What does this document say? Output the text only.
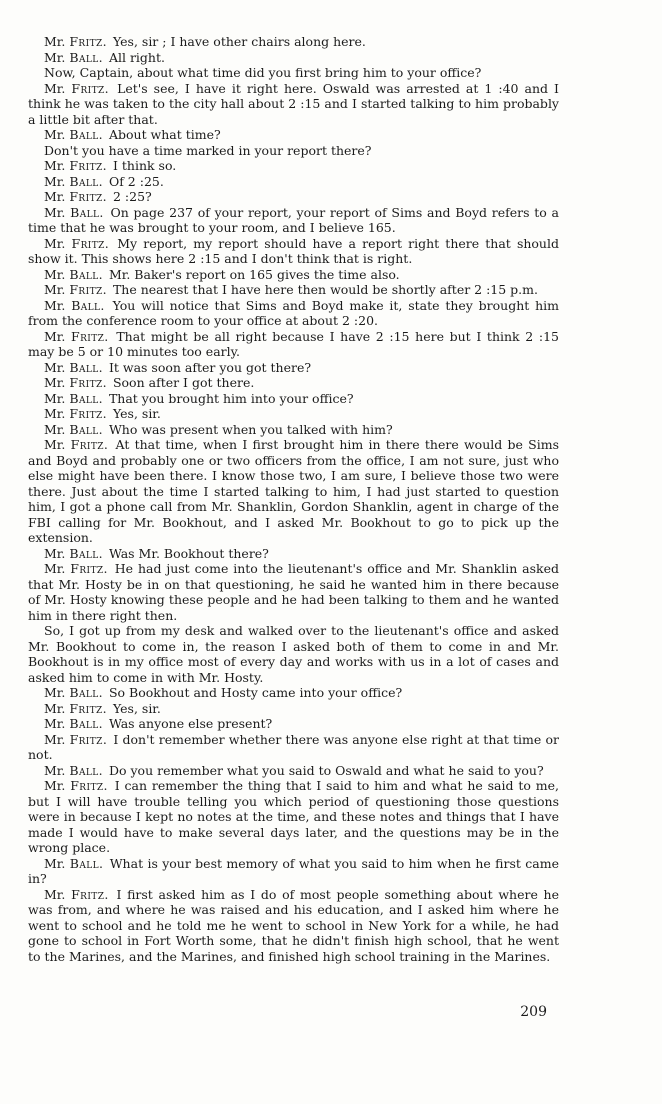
Mr. Fritz. Yes, sir ; I have other chairs along here.

Mr. Ball. All right.

Now, Captain, about what time did you first bring him to your office?

Mr. Fritz. Let's see, I have it right here. Oswald was arrested at 1 :40 and I think he was taken to the city hall about 2 :15 and I started talking to him probably a little bit after that.

Mr. Ball. About what time?

Don't you have a time marked in your report there?

Mr. Fritz. I think so.

Mr. Ball. Of 2 :25.

Mr. Fritz. 2 :25?

Mr. Ball. On page 237 of your report, your report of Sims and Boyd refers to a time that he was brought to your room, and I believe 165.

Mr. Fritz. My report, my report should have a report right there that should show it. This shows here 2 :15 and I don't think that is right.

Mr. Ball. Mr. Baker's report on 165 gives the time also.

Mr. Fritz. The nearest that I have here then would be shortly after 2 :15 p.m.

Mr. Ball. You will notice that Sims and Boyd make it, state they brought him from the conference room to your office at about 2 :20.

Mr. Fritz. That might be all right because I have 2 :15 here but I think 2 :15 may be 5 or 10 minutes too early.

Mr. Ball. It was soon after you got there?

Mr. Fritz. Soon after I got there.

Mr. Ball. That you brought him into your office?

Mr. Fritz. Yes, sir.

Mr. Ball. Who was present when you talked with him?

Mr. Fritz. At that time, when I first brought him in there there would be Sims and Boyd and probably one or two officers from the office, I am not sure, just who else might have been there. I know those two, I am sure, I believe those two were there. Just about the time I started talking to him, I had just started to question him, I got a phone call from Mr. Shanklin, Gordon Shanklin, agent in charge of the FBI calling for Mr. Bookhout, and I asked Mr. Bookhout to go to pick up the extension.

Mr. Ball. Was Mr. Bookhout there?

Mr. Fritz. He had just come into the lieutenant's office and Mr. Shanklin asked that Mr. Hosty be in on that questioning, he said he wanted him in there because of Mr. Hosty knowing these people and he had been talking to them and he wanted him in there right then.

So, I got up from my desk and walked over to the lieutenant's office and asked Mr. Bookhout to come in, the reason I asked both of them to come in and Mr. Bookhout is in my office most of every day and works with us in a lot of cases and asked him to come in with Mr. Hosty.

Mr. Ball. So Bookhout and Hosty came into your office?

Mr. Fritz. Yes, sir.

Mr. Ball. Was anyone else present?

Mr. Fritz. I don't remember whether there was anyone else right at that time or not.

Mr. Ball. Do you remember what you said to Oswald and what he said to you?

Mr. Fritz. I can remember the thing that I said to him and what he said to me, but I will have trouble telling you which period of questioning those questions were in because I kept no notes at the time, and these notes and things that I have made I would have to make several days later, and the questions may be in the wrong place.

Mr. Ball. What is your best memory of what you said to him when he first came in?

Mr. Fritz. I first asked him as I do of most people something about where he was from, and where he was raised and his education, and I asked him where he went to school and he told me he went to school in New York for a while, he had gone to school in Fort Worth some, that he didn't finish high school, that he went to the Marines, and the Marines, and finished high school training in the Marines.

209
